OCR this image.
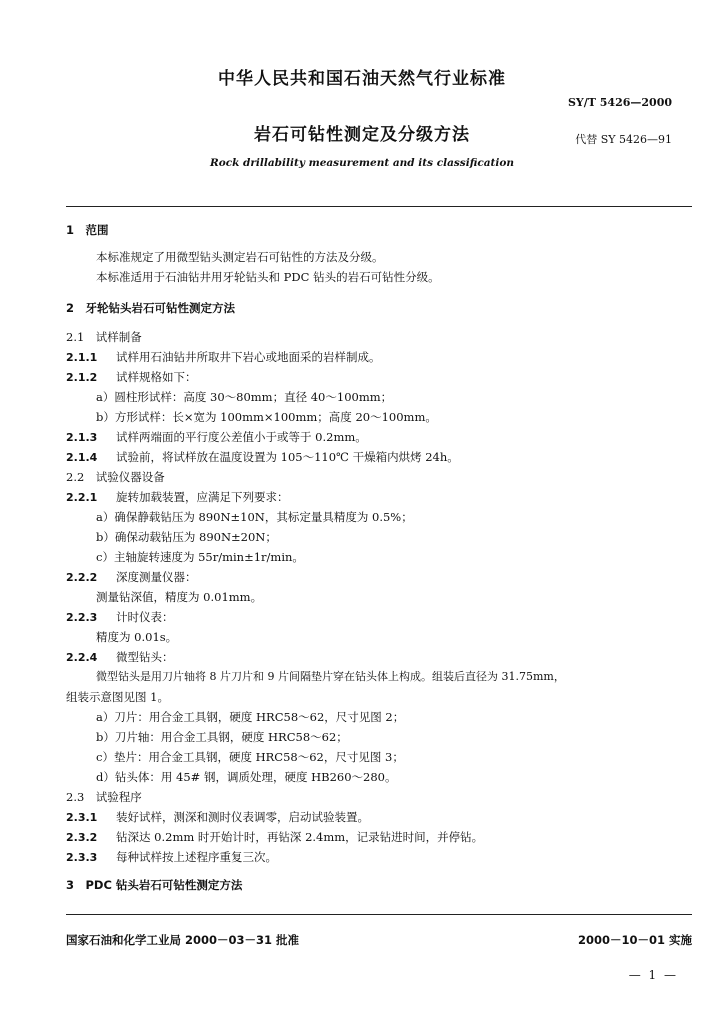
中华人民共和国石油天然气行业标准
SY/T 5426—2000
岩石可钻性测定及分级方法	代替 SY 5426—91
Rock drillability measurement and its classification
1　范围
本标准规定了用微型钻头测定岩石可钻性的方法及分级。
本标准适用于石油钻井用牙轮钻头和 PDC 钻头的岩石可钻性分级。
2　牙轮钻头岩石可钻性测定方法
2.1　试样制备
2.1.1 试样用石油钻井所取井下岩心或地面采的岩样制成。
2.1.2 试样规格如下：
a）圆柱形试样：高度 30～80mm；直径 40～100mm；
b）方形试样：长×宽为 100mm×100mm；高度 20～100mm。
2.1.3 试样两端面的平行度公差值小于或等于 0.2mm。
2.1.4 试验前，将试样放在温度设置为 105～110℃ 干燥箱内烘烤 24h。
2.2　试验仪器设备
2.2.1 旋转加载装置，应满足下列要求：
a）确保静载钻压为 890N±10N，其标定量具精度为 0.5%；
b）确保动载钻压为 890N±20N；
c）主轴旋转速度为 55r/min±1r/min。
2.2.2 深度测量仪器：
测量钻深值，精度为 0.01mm。
2.2.3 计时仪表：
精度为 0.01s。
2.2.4 微型钻头：
微型钻头是用刀片轴将 8 片刀片和 9 片间隔垫片穿在钻头体上构成。组装后直径为 31.75mm，
组装示意图见图 1。
a）刀片：用合金工具钢，硬度 HRC58～62，尺寸见图 2；
b）刀片轴：用合金工具钢，硬度 HRC58～62；
c）垫片：用合金工具钢，硬度 HRC58～62，尺寸见图 3；
d）钻头体：用 45# 钢，调质处理，硬度 HB260～280。
2.3　试验程序
2.3.1 装好试样，测深和测时仪表调零，启动试验装置。
2.3.2 钻深达 0.2mm 时开始计时，再钻深 2.4mm，记录钻进时间，并停钻。
2.3.3 每种试样按上述程序重复三次。
3　PDC 钻头岩石可钻性测定方法
国家石油和化学工业局 2000－03－31 批准	2000－10－01 实施
— 1 —
